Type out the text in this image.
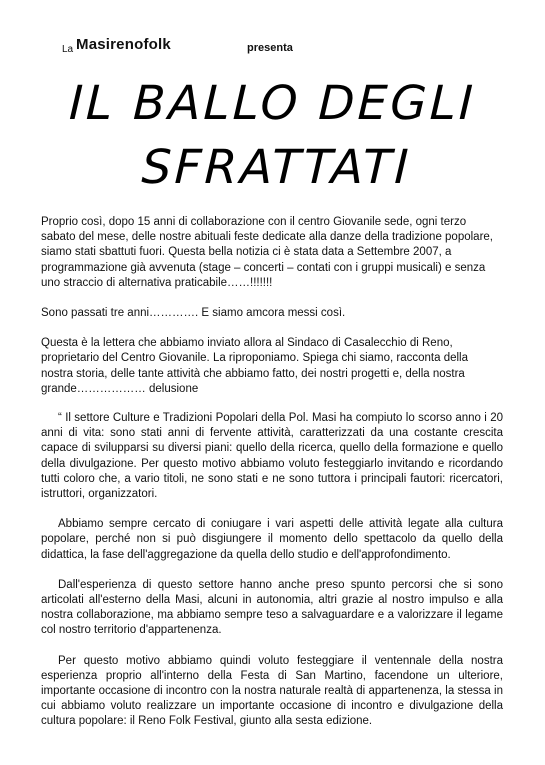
La Masirenofolk	presenta
IL BALLO DEGLI
SFRATTATI

Proprio così, dopo 15 anni di collaborazione con il centro Giovanile sede, ogni terzo sabato del mese, delle nostre abituali feste dedicate alla danze della tradizione popolare, siamo stati sbattuti fuori. Questa bella notizia ci è stata data a Settembre 2007, a programmazione già avvenuta (stage – concerti – contati con i gruppi musicali) e senza uno straccio di alternativa praticabile……!!!!!!!

Sono passati tre anni…………. E siamo amcora messi così.

Questa è la lettera che abbiamo inviato allora al Sindaco di Casalecchio di Reno, proprietario del Centro Giovanile. La riproponiamo. Spiega chi siamo, racconta della nostra storia, delle tante attività che abbiamo fatto, dei nostri progetti e, della nostra grande……………… delusione

“ Il settore Culture e Tradizioni Popolari della Pol. Masi ha compiuto lo scorso anno i 20 anni di vita: sono stati anni di fervente attività, caratterizzati da una costante crescita capace di svilupparsi su diversi piani: quello della ricerca, quello della formazione e quello della divulgazione. Per questo motivo abbiamo voluto festeggiarlo invitando e ricordando tutti coloro che, a vario titoli, ne sono stati e ne sono tuttora i principali fautori: ricercatori, istruttori, organizzatori.

Abbiamo sempre cercato di coniugare i vari aspetti delle attività legate alla cultura popolare, perché non si può disgiungere il momento dello spettacolo da quello della didattica, la fase dell'aggregazione da quella dello studio e dell'approfondimento.

Dall'esperienza di questo settore hanno anche preso spunto percorsi che si sono articolati all'esterno della Masi, alcuni in autonomia, altri grazie al nostro impulso e alla nostra collaborazione, ma abbiamo sempre teso a salvaguardare e a valorizzare il legame col nostro territorio d'appartenenza.

Per questo motivo abbiamo quindi voluto festeggiare il ventennale della nostra esperienza proprio all'interno della Festa di San Martino, facendone un ulteriore, importante occasione di incontro con la nostra naturale realtà di appartenenza, la stessa in cui abbiamo voluto realizzare un importante occasione di incontro e divulgazione della cultura popolare: il Reno Folk Festival, giunto alla sesta edizione.
